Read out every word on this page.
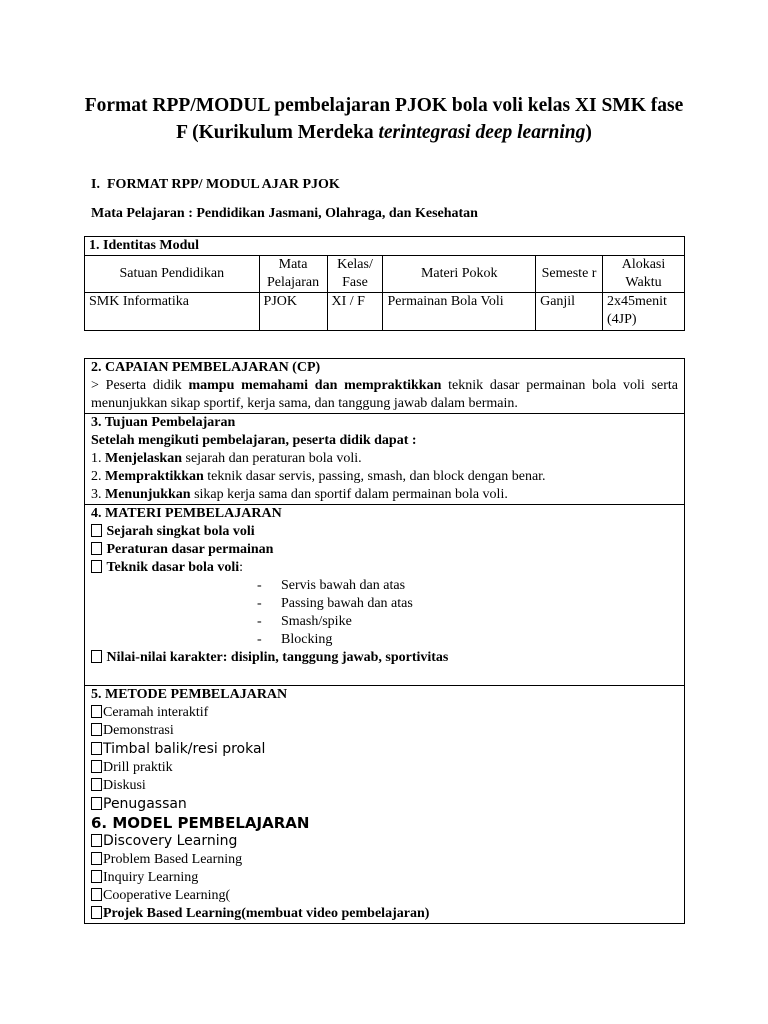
Format RPP/MODUL pembelajaran PJOK bola voli kelas XI SMK fase F (Kurikulum Merdeka terintegrasi deep learning)

I. FORMAT RPP/ MODUL AJAR PJOK
Mata Pelajaran : Pendidikan Jasmani, Olahraga, dan Kesehatan
1. Identitas Modul					
Satuan Pendidikan	Mata Pelajaran	Kelas/ Fase	Materi Pokok	Semeste r	Alokasi Waktu
SMK Informatika	PJOK	XI / F	Permainan Bola Voli	Ganjil	2x45menit (4JP)
2. CAPAIAN PEMBELAJARAN (CP)
> Peserta didik mampu memahami dan mempraktikkan teknik dasar permainan bola voli serta menunjukkan sikap sportif, kerja sama, dan tanggung jawab dalam bermain.
3. Tujuan Pembelajaran
Setelah mengikuti pembelajaran, peserta didik dapat :
1. Menjelaskan sejarah dan peraturan bola voli.
2. Mempraktikkan teknik dasar servis, passing, smash, dan block dengan benar.
3. Menunjukkan sikap kerja sama dan sportif dalam permainan bola voli.
4. MATERI PEMBELAJARAN
Sejarah singkat bola voli
Peraturan dasar permainan
Teknik dasar bola voli:
- Servis bawah dan atas
- Passing bawah dan atas
- Smash/spike
- Blocking
Nilai-nilai karakter: disiplin, tanggung jawab, sportivitas
5. METODE PEMBELAJARAN
Ceramah interaktif
Demonstrasi
Timbal balik/resi prokal
Drill praktik
Diskusi
Penugassan
6. MODEL PEMBELAJARAN
Discovery Learning
Problem Based Learning
Inquiry Learning
Cooperative Learning(
Projek Based Learning(membuat video pembelajaran)
